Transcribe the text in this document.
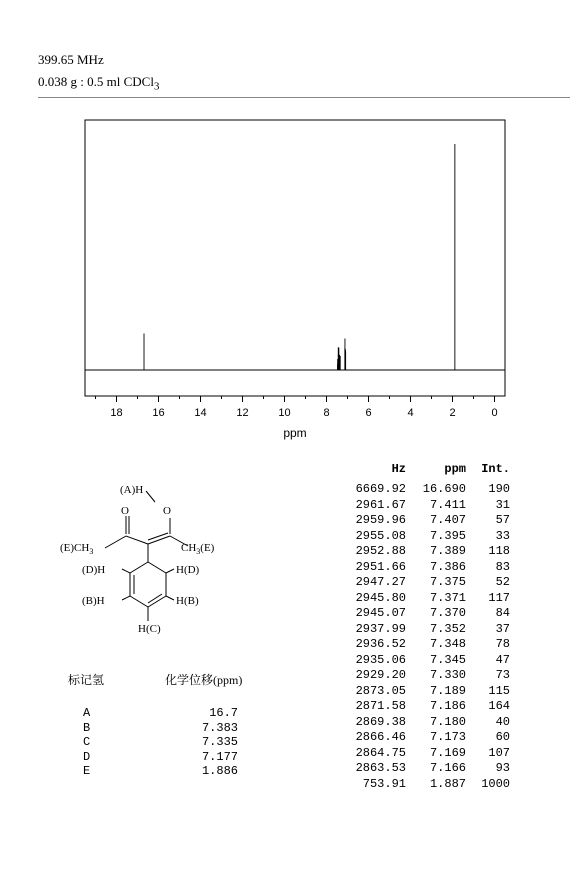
399.65 MHz
0.038 g : 0.5 ml CDCl$_3$
18	16	14	12	10	8	6	4	2	0
ppm
Hz	ppm	Int.
6669.92	16.690	190
2961.67	7.411	31
2959.96	7.407	57
2955.08	7.395	33
2952.88	7.389	118
2951.66	7.386	83
2947.27	7.375	52
2945.80	7.371	117
2945.07	7.370	84
2937.99	7.352	37
2936.52	7.348	78
2935.06	7.345	47
2929.20	7.330	73
2873.05	7.189	115
2871.58	7.186	164
2869.38	7.180	40
2866.46	7.173	60
2864.75	7.169	107
2863.53	7.166	93
753.91	1.887	1000
(A)H
O
O
$(E)CH_3$	$CH_3(E)$
(D)H	H(D)
(B)H	H(B)
H(C)
标记氢	化学位移(ppm)
A	16.7
B	7.383
C	7.335
D	7.177
E	1.886
